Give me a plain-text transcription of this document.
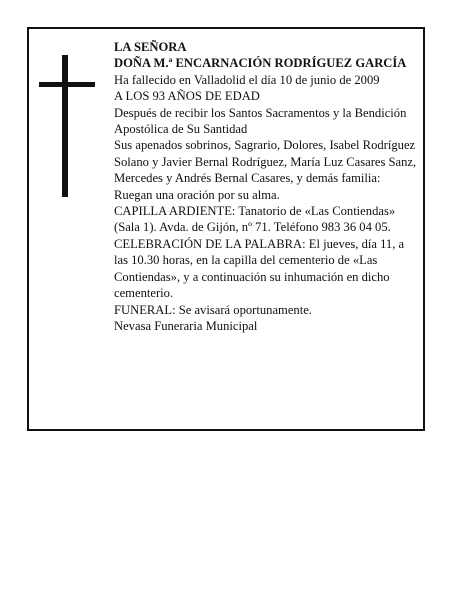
LA SEÑORA

DOÑA M.ª ENCARNACIÓN RODRÍGUEZ GARCÍA

Ha fallecido en Valladolid el día 10 de junio de 2009

A LOS 93 AÑOS DE EDAD

Después de recibir los Santos Sacramentos y la Bendición Apostólica de Su Santidad

Sus apenados sobrinos, Sagrario, Dolores, Isabel Rodríguez Solano y Javier Bernal Rodríguez, María Luz Casares Sanz, Mercedes y Andrés Bernal Casares, y demás familia:

Ruegan una oración por su alma.

CAPILLA ARDIENTE: Tanatorio de «Las Contiendas» (Sala 1). Avda. de Gijón, nº 71. Teléfono 983 36 04 05.

CELEBRACIÓN DE LA PALABRA: El jueves, día 11, a las 10.30 horas, en la capilla del cementerio de «Las Contiendas», y a continuación su inhumación en dicho cementerio.

FUNERAL: Se avisará oportunamente.

Nevasa Funeraria Municipal
